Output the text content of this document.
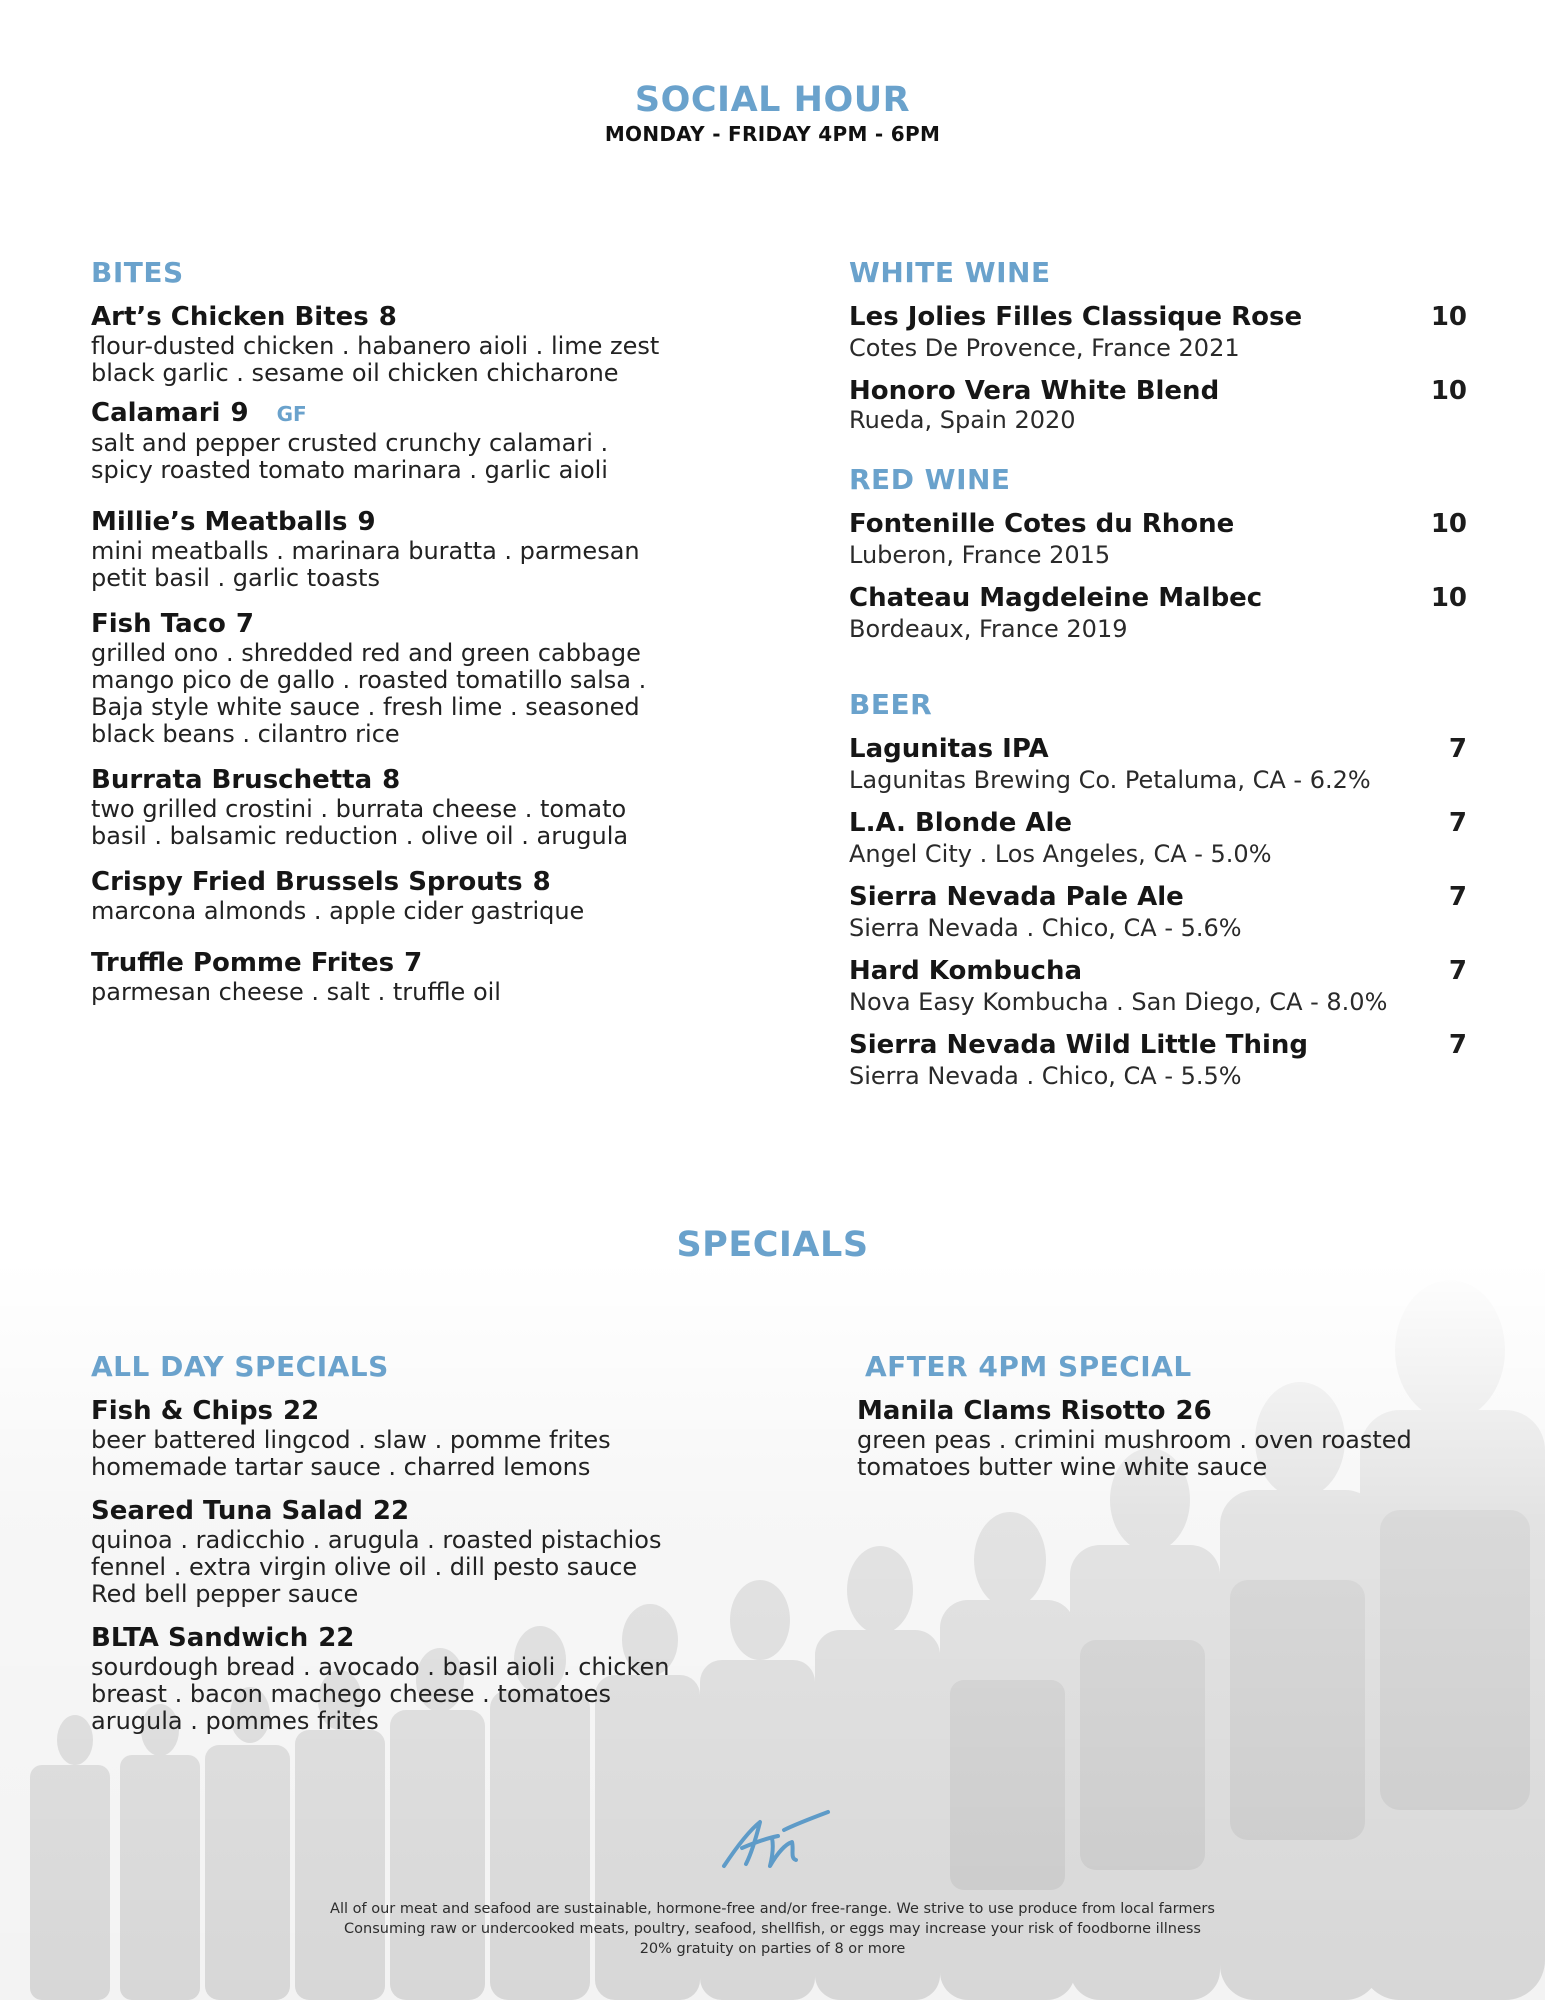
SOCIAL HOUR
MONDAY - FRIDAY 4PM - 6PM
BITES
Art’s Chicken Bites 8
flour-dusted chicken . habanero aioli . lime zest
black garlic . sesame oil chicken chicharone
Calamari 9 GF
salt and pepper crusted crunchy calamari .
spicy roasted tomato marinara . garlic aioli
Millie’s Meatballs 9
mini meatballs . marinara buratta . parmesan
petit basil . garlic toasts
Fish Taco 7
grilled ono . shredded red and green cabbage
mango pico de gallo . roasted tomatillo salsa .
Baja style white sauce . fresh lime . seasoned
black beans . cilantro rice
Burrata Bruschetta 8
two grilled crostini . burrata cheese . tomato
basil . balsamic reduction . olive oil . arugula
Crispy Fried Brussels Sprouts 8
marcona almonds . apple cider gastrique
Truffle Pomme Frites 7
parmesan cheese . salt . truffle oil
WHITE WINE
Les Jolies Filles Classique Rose	10
Cotes De Provence, France 2021
Honoro Vera White Blend	10
Rueda, Spain 2020
RED WINE
Fontenille Cotes du Rhone	10
Luberon, France 2015
Chateau Magdeleine Malbec	10
Bordeaux, France 2019
BEER
Lagunitas IPA	7
Lagunitas Brewing Co. Petaluma, CA - 6.2%
L.A. Blonde Ale	7
Angel City . Los Angeles, CA - 5.0%
Sierra Nevada Pale Ale	7
Sierra Nevada . Chico, CA - 5.6%
Hard Kombucha	7
Nova Easy Kombucha . San Diego, CA - 8.0%
Sierra Nevada Wild Little Thing	7
Sierra Nevada . Chico, CA - 5.5%
SPECIALS
ALL DAY SPECIALS
Fish & Chips 22
beer battered lingcod . slaw . pomme frites
homemade tartar sauce . charred lemons
Seared Tuna Salad 22
quinoa . radicchio . arugula . roasted pistachios
fennel . extra virgin olive oil . dill pesto sauce
Red bell pepper sauce
BLTA Sandwich 22
sourdough bread . avocado . basil aioli . chicken
breast . bacon machego cheese . tomatoes
arugula . pommes frites
AFTER 4PM SPECIAL
Manila Clams Risotto 26
green peas . crimini mushroom . oven roasted
tomatoes butter wine white sauce
All of our meat and seafood are sustainable, hormone-free and/or free-range. We strive to use produce from local farmers
Consuming raw or undercooked meats, poultry, seafood, shellfish, or eggs may increase your risk of foodborne illness
20% gratuity on parties of 8 or more
